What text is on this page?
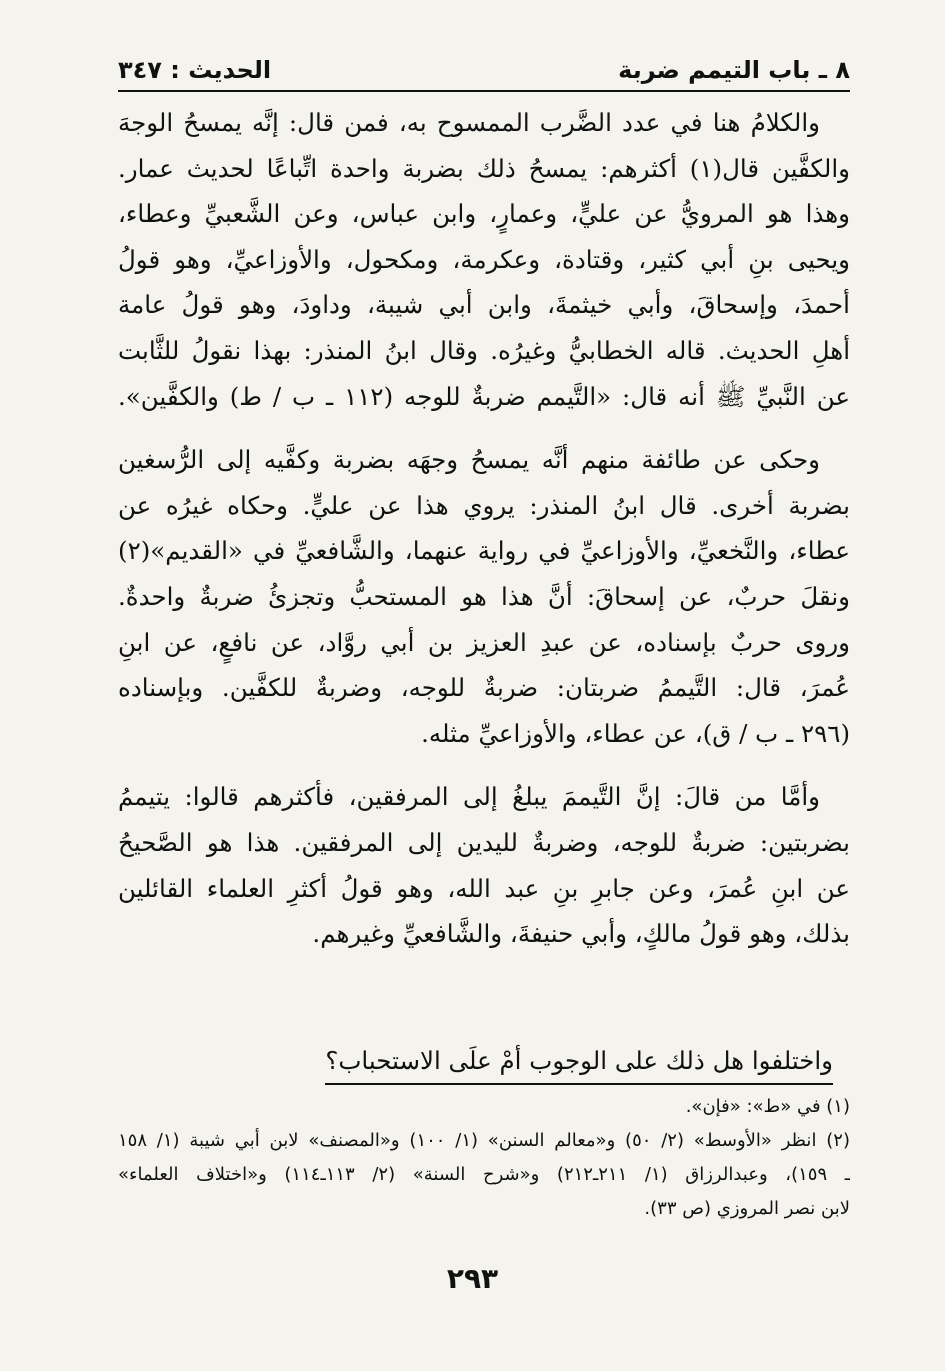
٨ ـ باب التيمم ضربة
الحديث : ٣٤٧

والكلامُ هنا في عدد الضَّرب الممسوح به، فمن قال: إنَّه يمسحُ الوجهَ
والكفَّين قال(١) أكثرهم: يمسحُ ذلك بضربة واحدة اتِّباعًا لحديث عمار.
وهذا هو المرويُّ عن عليٍّ، وعمارٍ، وابن عباس، وعن الشَّعبيِّ وعطاء،
ويحيى بنِ أبي كثير، وقتادة، وعكرمة، ومكحول، والأوزاعيِّ، وهو قولُ
أحمدَ، وإسحاقَ، وأبي خيثمةَ، وابن أبي شيبة، وداودَ، وهو قولُ عامة
أهلِ الحديث. قاله الخطابيُّ وغيرُه. وقال ابنُ المنذر: بهذا نقولُ للثَّابت
عن النَّبيِّ ﷺ أنه قال: «التَّيمم ضربةٌ للوجه (١١٢ ـ ب / ط) والكفَّين».

وحكى عن طائفة منهم أنَّه يمسحُ وجهَه بضربة وكفَّيه إلى الرُّسغين
بضربة أخرى. قال ابنُ المنذر: يروي هذا عن عليٍّ. وحكاه غيرُه عن
عطاء، والنَّخعيِّ، والأوزاعيِّ في رواية عنهما، والشَّافعيِّ في «القديم»(٢)
ونقلَ حربٌ، عن إسحاقَ: أنَّ هذا هو المستحبُّ وتجزئُ ضربةٌ واحدةٌ.
وروى حربٌ بإسناده، عن عبدِ العزيز بن أبي روَّاد، عن نافعٍ، عن ابنِ
عُمرَ، قال: التَّيممُ ضربتان: ضربةٌ للوجه، وضربةٌ للكفَّين. وبإسناده
(٢٩٦ ـ ب / ق)، عن عطاء، والأوزاعيِّ مثله.

وأمَّا من قالَ: إنَّ التَّيممَ يبلغُ إلى المرفقين، فأكثرهم قالوا: يتيممُ
بضربتين: ضربةٌ للوجه، وضربةٌ لليدين إلى المرفقين. هذا هو الصَّحيحُ
عن ابنِ عُمرَ، وعن جابرِ بنِ عبد الله، وهو قولُ أكثرِ العلماء القائلين
بذلك، وهو قولُ مالكٍ، وأبي حنيفةَ، والشَّافعيِّ وغيرهم.

واختلفوا هل ذلك على الوجوب أمْ علَى الاستحباب؟

(١) في «ط»: «فإن».

(٢) انظر «الأوسط» (٢/ ٥٠) و«معالم السنن» (١/ ١٠٠) و«المصنف» لابن أبي شيبة (١/ ١٥٨
ـ ١٥٩)، وعبدالرزاق (١/ ٢١١ـ٢١٢) و«شرح السنة» (٢/ ١١٣ـ١١٤) و«اختلاف العلماء»
لابن نصر المروزي (ص ٣٣).

٢٩٣
